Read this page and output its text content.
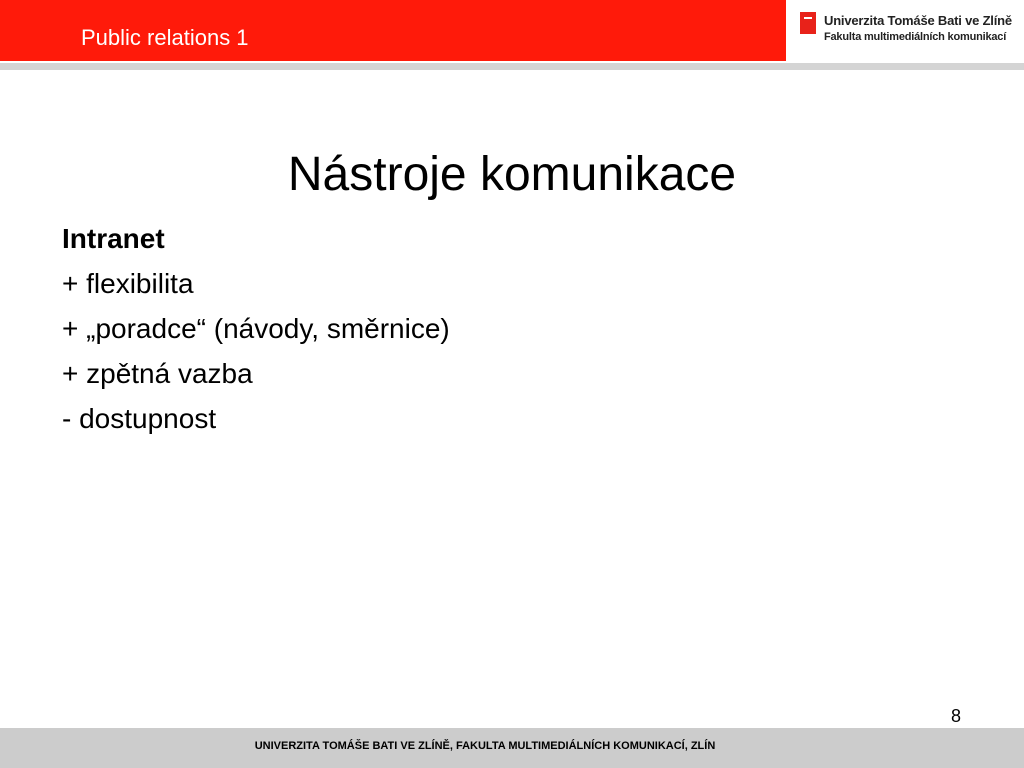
Public relations 1
Univerzita Tomáše Bati ve Zlíně
Fakulta multimediálních komunikací
Nástroje komunikace
Intranet
+ flexibilita
+ „poradce“ (návody, směrnice)
+ zpětná vazba
- dostupnost
8
UNIVERZITA TOMÁŠE BATI VE ZLÍNĚ, FAKULTA MULTIMEDIÁLNÍCH KOMUNIKACÍ, ZLÍN
